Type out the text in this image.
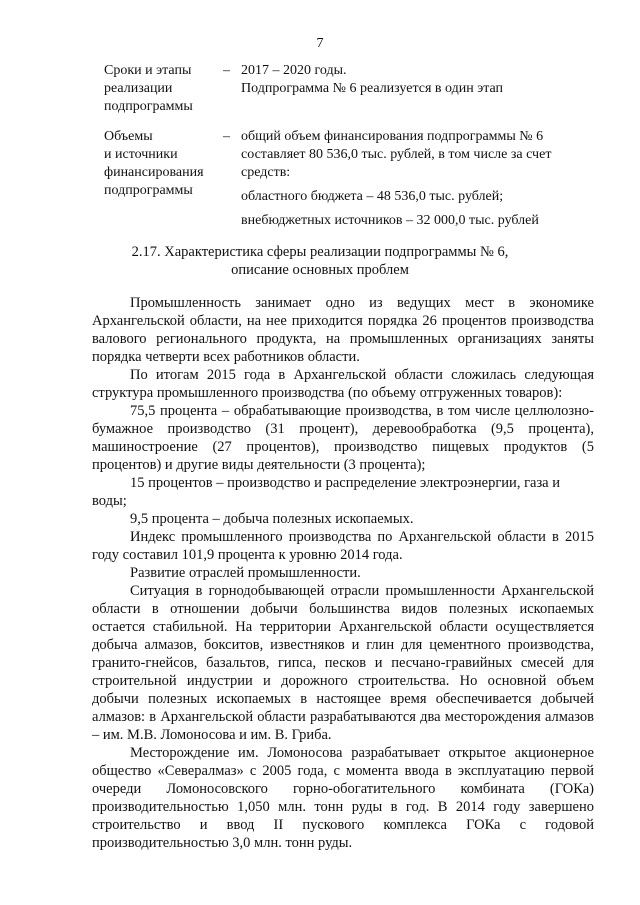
7
Сроки и этапы
реализации
подпрограммы
– 2017 – 2020 годы.
Подпрограмма № 6 реализуется в один этап
Объемы
и источники
финансирования
подпрограммы
– общий объем финансирования подпрограммы № 6
составляет 80 536,0 тыс. рублей, в том числе за счет
средств:
областного бюджета – 48 536,0 тыс. рублей;
внебюджетных источников – 32 000,0 тыс. рублей
2.17. Характеристика сферы реализации подпрограммы № 6,
описание основных проблем

Промышленность занимает одно из ведущих мест в экономике Архангельской области, на нее приходится порядка 26 процентов производства валового регионального продукта, на промышленных организациях заняты порядка четверти всех работников области.

По итогам 2015 года в Архангельской области сложилась следующая структура промышленного производства (по объему отгруженных товаров):

75,5 процента – обрабатывающие производства, в том числе целлюлозно-бумажное производство (31 процент), деревообработка (9,5 процента), машиностроение (27 процентов), производство пищевых продуктов (5 процентов) и другие виды деятельности (3 процента);

15 процентов – производство и распределение электроэнергии, газа и воды;

9,5 процента – добыча полезных ископаемых.

Индекс промышленного производства по Архангельской области в 2015 году составил 101,9 процента к уровню 2014 года.

Развитие отраслей промышленности.

Ситуация в горнодобывающей отрасли промышленности Архангельской области в отношении добычи большинства видов полезных ископаемых остается стабильной. На территории Архангельской области осуществляется добыча алмазов, бокситов, известняков и глин для цементного производства, гранито-гнейсов, базальтов, гипса, песков и песчано-гравийных смесей для строительной индустрии и дорожного строительства. Но основной объем добычи полезных ископаемых в настоящее время обеспечивается добычей алмазов: в Архангельской области разрабатываются два месторождения алмазов – им. М.В. Ломоносова и им. В. Гриба.

Месторождение им. Ломоносова разрабатывает открытое акционерное общество «Севералмаз» с 2005 года, с момента ввода в эксплуатацию первой очереди Ломоносовского горно-обогатительного комбината (ГОКа) производительностью 1,050 млн. тонн руды в год. В 2014 году завершено строительство и ввод II пускового комплекса ГОКа с годовой производительностью 3,0 млн. тонн руды.
